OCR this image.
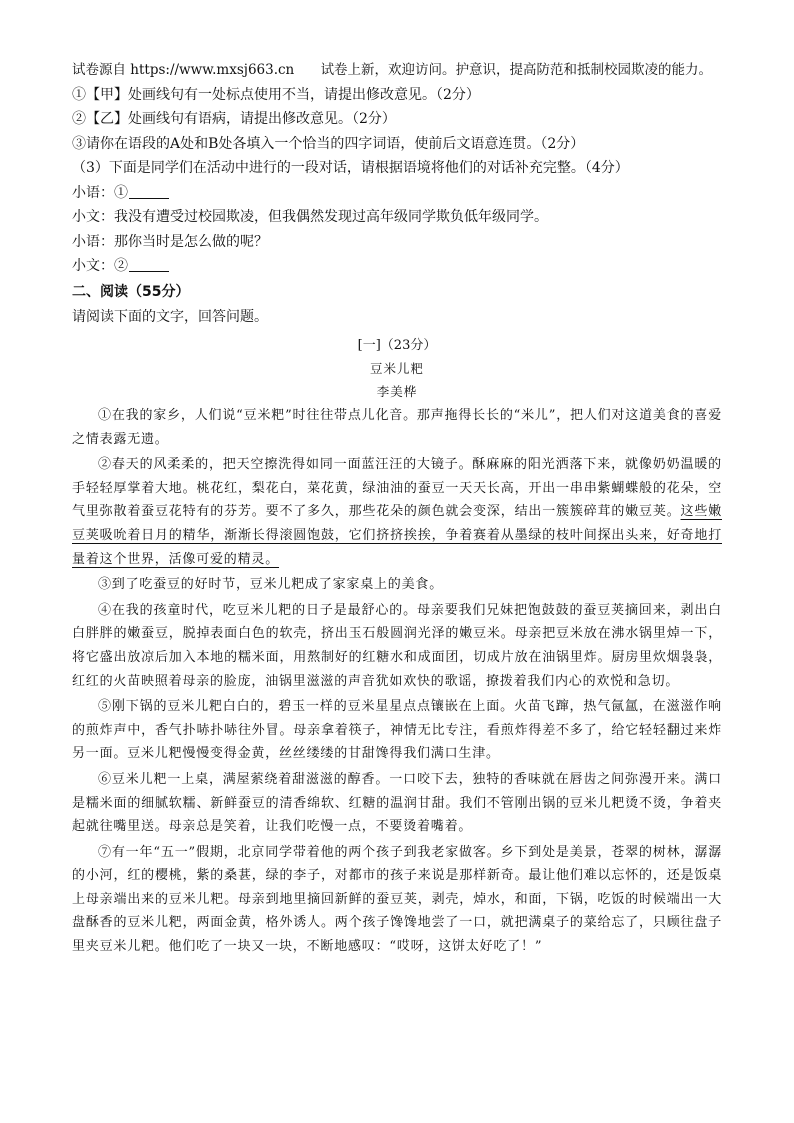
试卷源自 https://www.mxsj663.cn 试卷上新，欢迎访问。护意识，提高防范和抵制校园欺凌的能力。
①【甲】处画线句有一处标点使用不当，请提出修改意见。（2分）
②【乙】处画线句有语病，请提出修改意见。（2分）
③请你在语段的A处和B处各填入一个恰当的四字词语，使前后文语意连贯。（2分）
（3）下面是同学们在活动中进行的一段对话，请根据语境将他们的对话补充完整。（4分）
小语：①
小文：我没有遭受过校园欺凌，但我偶然发现过高年级同学欺负低年级同学。
小语：那你当时是怎么做的呢？
小文：②
二、阅读（55分）
请阅读下面的文字，回答问题。
[一]（23分）
豆米儿粑
李美桦

①在我的家乡，人们说“豆米粑”时往往带点儿化音。那声拖得长长的“米儿”，把人们对这道美食的喜爱之情表露无遗。

②春天的风柔柔的，把天空擦洗得如同一面蓝汪汪的大镜子。酥麻麻的阳光洒落下来，就像奶奶温暖的手轻轻厚掌着大地。桃花红，梨花白，菜花黄，绿油油的蚕豆一天天长高，开出一串串紫蝴蝶般的花朵，空气里弥散着蚕豆花特有的芬芳。要不了多久，那些花朵的颜色就会变深，结出一簇簇碎茸的嫩豆荚。这些嫩豆荚吸吮着日月的精华，渐渐长得滚圆饱鼓，它们挤挤挨挨，争着赛着从墨绿的枝叶间探出头来，好奇地打量着这个世界，活像可爱的精灵。

③到了吃蚕豆的好时节，豆米儿粑成了家家桌上的美食。

④在我的孩童时代，吃豆米儿粑的日子是最舒心的。母亲要我们兄妹把饱鼓鼓的蚕豆荚摘回来，剥出白白胖胖的嫩蚕豆，脱掉表面白色的软壳，挤出玉石般圆润光泽的嫩豆米。母亲把豆米放在沸水锅里焯一下，将它盛出放凉后加入本地的糯米面，用熬制好的红糖水和成面团，切成片放在油锅里炸。厨房里炊烟袅袅，红红的火苗映照着母亲的脸庞，油锅里滋滋的声音犹如欢快的歌谣，撩拨着我们内心的欢悦和急切。

⑤刚下锅的豆米儿粑白白的，碧玉一样的豆米星星点点镶嵌在上面。火苗飞蹿，热气氤氲，在滋滋作响的煎炸声中，香气扑哧扑哧往外冒。母亲拿着筷子，神情无比专注，看煎炸得差不多了，给它轻轻翻过来炸另一面。豆米儿粑慢慢变得金黄，丝丝缕缕的甘甜馋得我们满口生津。

⑥豆米儿粑一上桌，满屋萦绕着甜滋滋的醇香。一口咬下去，独特的香味就在唇齿之间弥漫开来。满口是糯米面的细腻软糯、新鲜蚕豆的清香绵软、红糖的温润甘甜。我们不管刚出锅的豆米儿粑烫不烫，争着夹起就往嘴里送。母亲总是笑着，让我们吃慢一点，不要烫着嘴着。

⑦有一年“五一”假期，北京同学带着他的两个孩子到我老家做客。乡下到处是美景，苍翠的树林，潺潺的小河，红的樱桃，紫的桑葚，绿的李子，对都市的孩子来说是那样新奇。最让他们难以忘怀的，还是饭桌上母亲端出来的豆米儿粑。母亲到地里摘回新鲜的蚕豆荚，剥壳，焯水，和面，下锅，吃饭的时候端出一大盘酥香的豆米儿粑，两面金黄，格外诱人。两个孩子馋馋地尝了一口，就把满桌子的菜给忘了，只顾往盘子里夹豆米儿粑。他们吃了一块又一块，不断地感叹：“哎呀，这饼太好吃了！”
